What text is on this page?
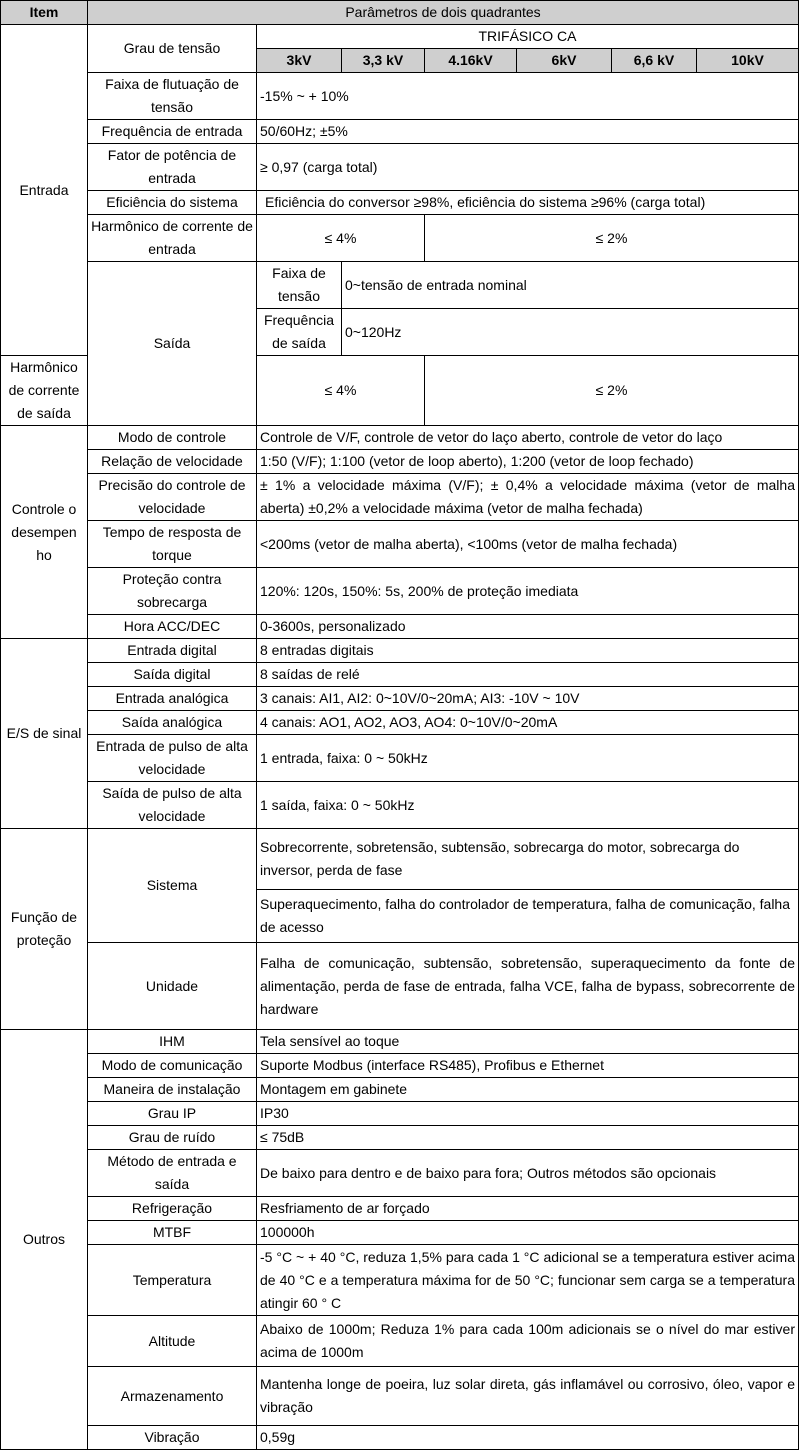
Item	Parâmetros de dois quadrantes						
Entrada	Grau de tensão	TRIFÁSICO CA					
		3kV	3,3 kV	4.16kV	6kV	6,6 kV	10kV
	Faixa de flutuação de tensão	-15% ~ + 10%					
	Frequência de entrada	50/60Hz; ±5%					
	Fator de potência de entrada	≥ 0,97 (carga total)					
	Eficiência do sistema	Eficiência do conversor ≥98%, eficiência do sistema ≥96% (carga total)					
	Harmônico de corrente de entrada	≤ 4%		≤ 2%			
	Saída	Faixa de tensão	0~tensão de entrada nominal				
		Frequência de saída	0~120Hz				
Harmônico de corrente de saída		≤ 4%		≤ 2%			
Controle o desempen ho	Modo de controle	Controle de V/F, controle de vetor do laço aberto, controle de vetor do laço					
	Relação de velocidade	1:50 (V/F); 1:100 (vetor de loop aberto), 1:200 (vetor de loop fechado)					
	Precisão do controle de velocidade	± 1% a velocidade máxima (V/F); ± 0,4% a velocidade máxima (vetor de malha aberta) ±0,2% a velocidade máxima (vetor de malha fechada)					
	Tempo de resposta de torque	<200ms (vetor de malha aberta), <100ms (vetor de malha fechada)					
	Proteção contra sobrecarga	120%: 120s, 150%: 5s, 200% de proteção imediata					
	Hora ACC/DEC	0-3600s, personalizado					
E/S de sinal	Entrada digital	8 entradas digitais					
	Saída digital	8 saídas de relé					
	Entrada analógica	3 canais: AI1, AI2: 0~10V/0~20mA; AI3: -10V ~ 10V					
	Saída analógica	4 canais: AO1, AO2, AO3, AO4: 0~10V/0~20mA					
	Entrada de pulso de alta velocidade	1 entrada, faixa: 0 ~ 50kHz					
	Saída de pulso de alta velocidade	1 saída, faixa: 0 ~ 50kHz					
Função de proteção	Sistema	Sobrecorrente, sobretensão, subtensão, sobrecarga do motor, sobrecarga do inversor, perda de fase					
		Superaquecimento, falha do controlador de temperatura, falha de comunicação, falha de acesso					
	Unidade	Falha de comunicação, subtensão, sobretensão, superaquecimento da fonte de alimentação, perda de fase de entrada, falha VCE, falha de bypass, sobrecorrente de hardware					
Outros	IHM	Tela sensível ao toque					
	Modo de comunicação	Suporte Modbus (interface RS485), Profibus e Ethernet					
	Maneira de instalação	Montagem em gabinete					
	Grau IP	IP30					
	Grau de ruído	≤ 75dB					
	Método de entrada e saída	De baixo para dentro e de baixo para fora; Outros métodos são opcionais					
	Refrigeração	Resfriamento de ar forçado					
	MTBF	100000h					
	Temperatura	-5 °C ~ + 40 °C, reduza 1,5% para cada 1 °C adicional se a temperatura estiver acima de 40 °C e a temperatura máxima for de 50 °C; funcionar sem carga se a temperatura atingir 60 ° C					
	Altitude	Abaixo de 1000m; Reduza 1% para cada 100m adicionais se o nível do mar estiver acima de 1000m					
	Armazenamento	Mantenha longe de poeira, luz solar direta, gás inflamável ou corrosivo, óleo, vapor e vibração					
	Vibração	0,59g					
